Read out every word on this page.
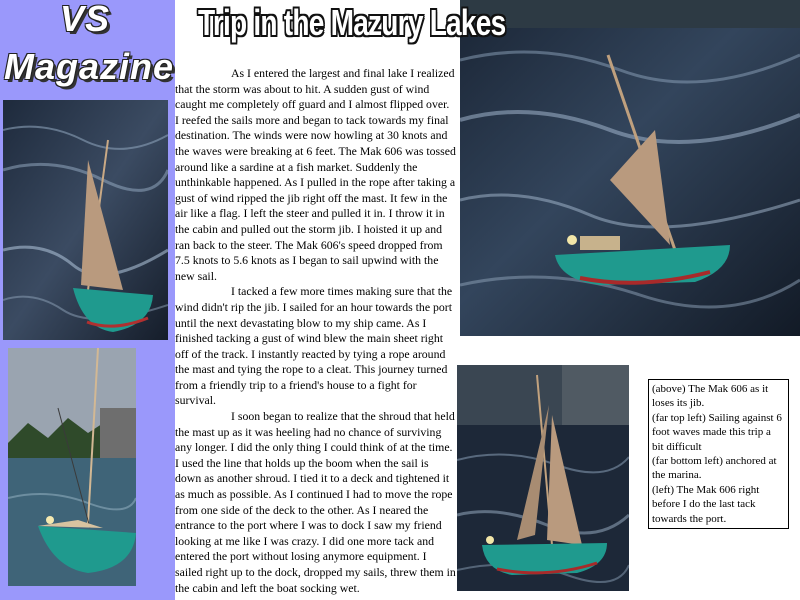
VS
Magazine
Trip in the Mazury Lakes

As I entered the largest and final lake I realized that the storm was about to hit. A sudden gust of wind caught me completely off guard and I almost flipped over. I reefed the sails more and began to tack towards my final destination. The winds were now howling at 30 knots and the waves were breaking at 6 feet. The Mak 606 was tossed around like a sardine at a fish market. Suddenly the unthinkable happened. As I pulled in the rope after taking a gust of wind ripped the jib right off the mast. It few in the air like a flag. I left the steer and pulled it in. I throw it in the cabin and pulled out the storm jib. I hoisted it up and ran back to the steer. The Mak 606's speed dropped from 7.5 knots to 5.6 knots as I began to sail upwind with the new sail.

I tacked a few more times making sure that the wind didn't rip the jib. I sailed for an hour towards the port until the next devastating blow to my ship came. As I finished tacking a gust of wind blew the main sheet right off of the track. I instantly reacted by tying a rope around the mast and tying the rope to a cleat. This journey turned from a friendly trip to a friend's house to a fight for survival.

I soon began to realize that the shroud that held the mast up as it was heeling had no chance of surviving any longer. I did the only thing I could think of at the time. I used the line that holds up the boom when the sail is down as another shroud. I tied it to a deck and tightened it as much as possible. As I continued I had to move the rope from one side of the deck to the other. As I neared the entrance to the port where I was to dock I saw my friend looking at me like I was crazy. I did one more tack and entered the port without losing anymore equipment. I sailed right up to the dock, dropped my sails, threw them in the cabin and left the boat socking wet.

(above) The Mak 606 as it loses its jib.
(far top left) Sailing against 6 foot waves made this trip a bit difficult
(far bottom left) anchored at the marina.
(left) The Mak 606 right before I do the last tack towards the port.
